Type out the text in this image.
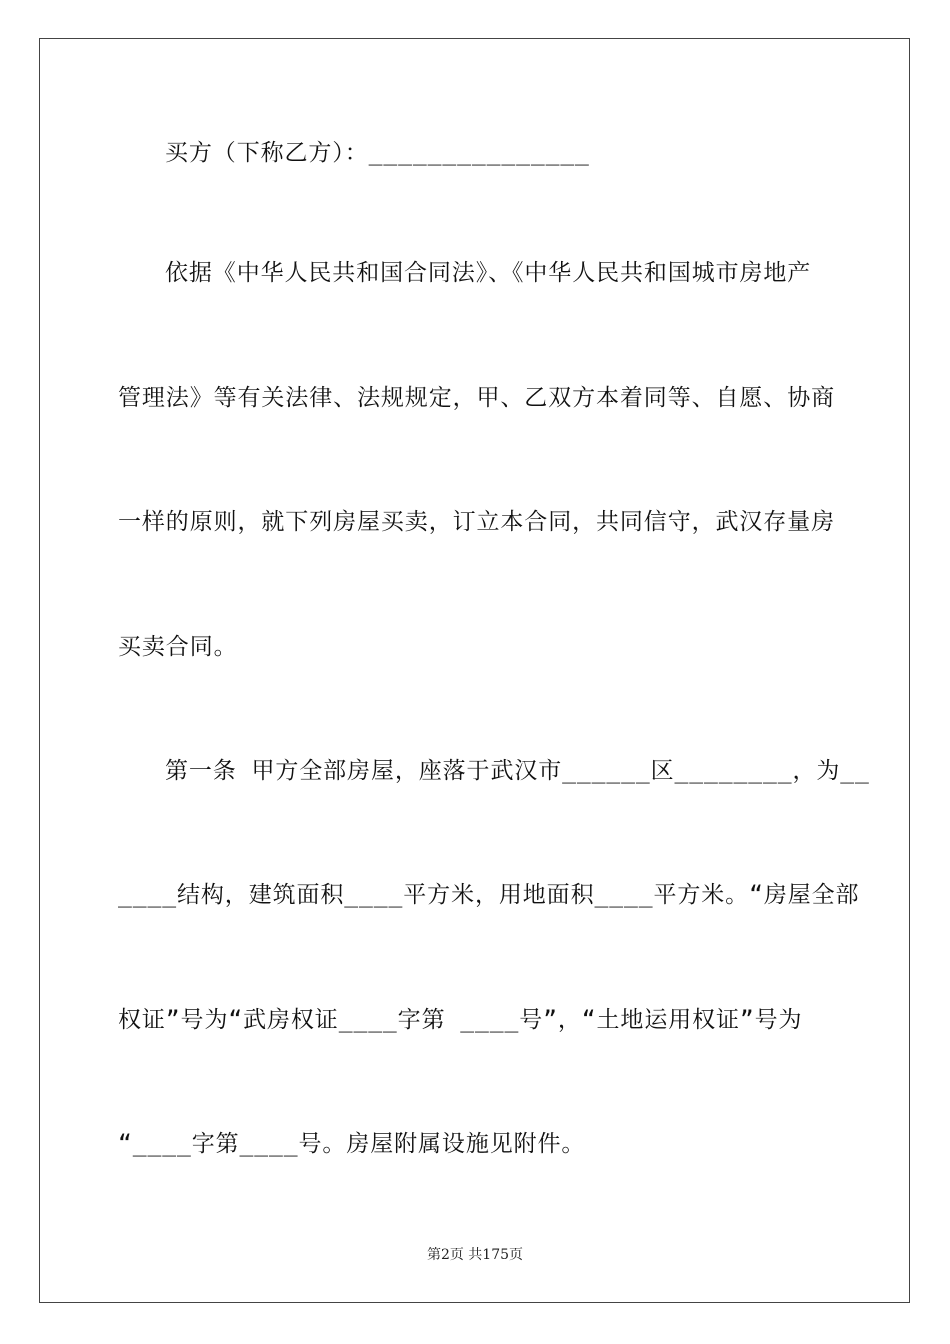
买方（下称乙方）：_______________
依据《中华人民共和国合同法》、《中华人民共和国城市房地产
管理法》等有关法律、法规规定，甲、乙双方本着同等、自愿、协商
一样的原则，就下列房屋买卖，订立本合同，共同信守，武汉存量房
买卖合同。
第一条 甲方全部房屋，座落于武汉市______区________，为__
____结构，建筑面积____平方米，用地面积____平方米。“房屋全部
权证”号为“武房权证____字第 ____号”，“土地运用权证”号为
“____字第____号。房屋附属设施见附件。
第2页 共175页
